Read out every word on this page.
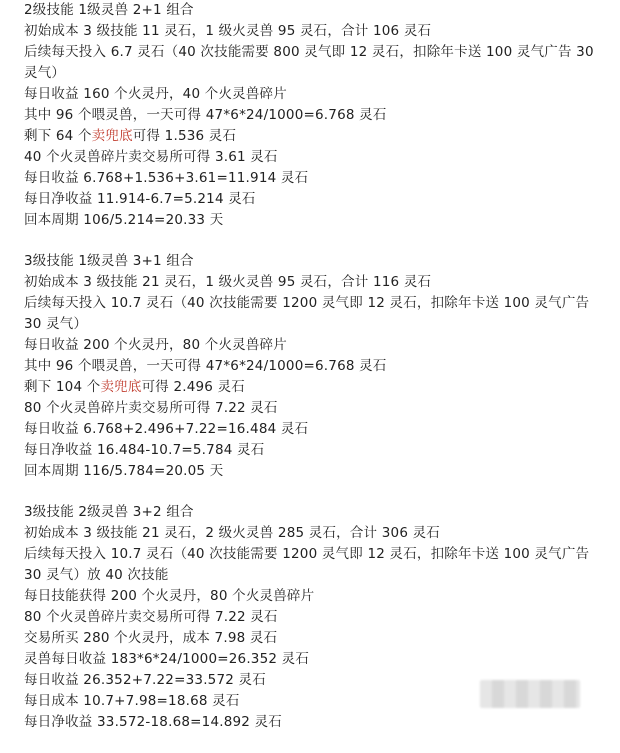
2级技能 1级灵兽 2+1 组合
初始成本 3 级技能 11 灵石，1 级火灵兽 95 灵石，合计 106 灵石
后续每天投入 6.7 灵石（40 次技能需要 800 灵气即 12 灵石，扣除年卡送 100 灵气广告 30 灵气）
每日收益 160 个火灵丹，40 个火灵兽碎片
其中 96 个喂灵兽，一天可得 47*6*24/1000=6.768 灵石
剩下 64 个卖兜底可得 1.536 灵石
40 个火灵兽碎片卖交易所可得 3.61 灵石
每日收益 6.768+1.536+3.61=11.914 灵石
每日净收益 11.914-6.7=5.214 灵石
回本周期 106/5.214=20.33 天
3级技能 1级灵兽 3+1 组合
初始成本 3 级技能 21 灵石，1 级火灵兽 95 灵石，合计 116 灵石
后续每天投入 10.7 灵石（40 次技能需要 1200 灵气即 12 灵石，扣除年卡送 100 灵气广告 30 灵气）
每日收益 200 个火灵丹，80 个火灵兽碎片
其中 96 个喂灵兽，一天可得 47*6*24/1000=6.768 灵石
剩下 104 个卖兜底可得 2.496 灵石
80 个火灵兽碎片卖交易所可得 7.22 灵石
每日收益 6.768+2.496+7.22=16.484 灵石
每日净收益 16.484-10.7=5.784 灵石
回本周期 116/5.784=20.05 天
3级技能 2级灵兽 3+2 组合
初始成本 3 级技能 21 灵石，2 级火灵兽 285 灵石，合计 306 灵石
后续每天投入 10.7 灵石（40 次技能需要 1200 灵气即 12 灵石，扣除年卡送 100 灵气广告 30 灵气）放 40 次技能
每日技能获得 200 个火灵丹，80 个火灵兽碎片
80 个火灵兽碎片卖交易所可得 7.22 灵石
交易所买 280 个火灵丹，成本 7.98 灵石
灵兽每日收益 183*6*24/1000=26.352 灵石
每日收益 26.352+7.22=33.572 灵石
每日成本 10.7+7.98=18.68 灵石
每日净收益 33.572-18.68=14.892 灵石
